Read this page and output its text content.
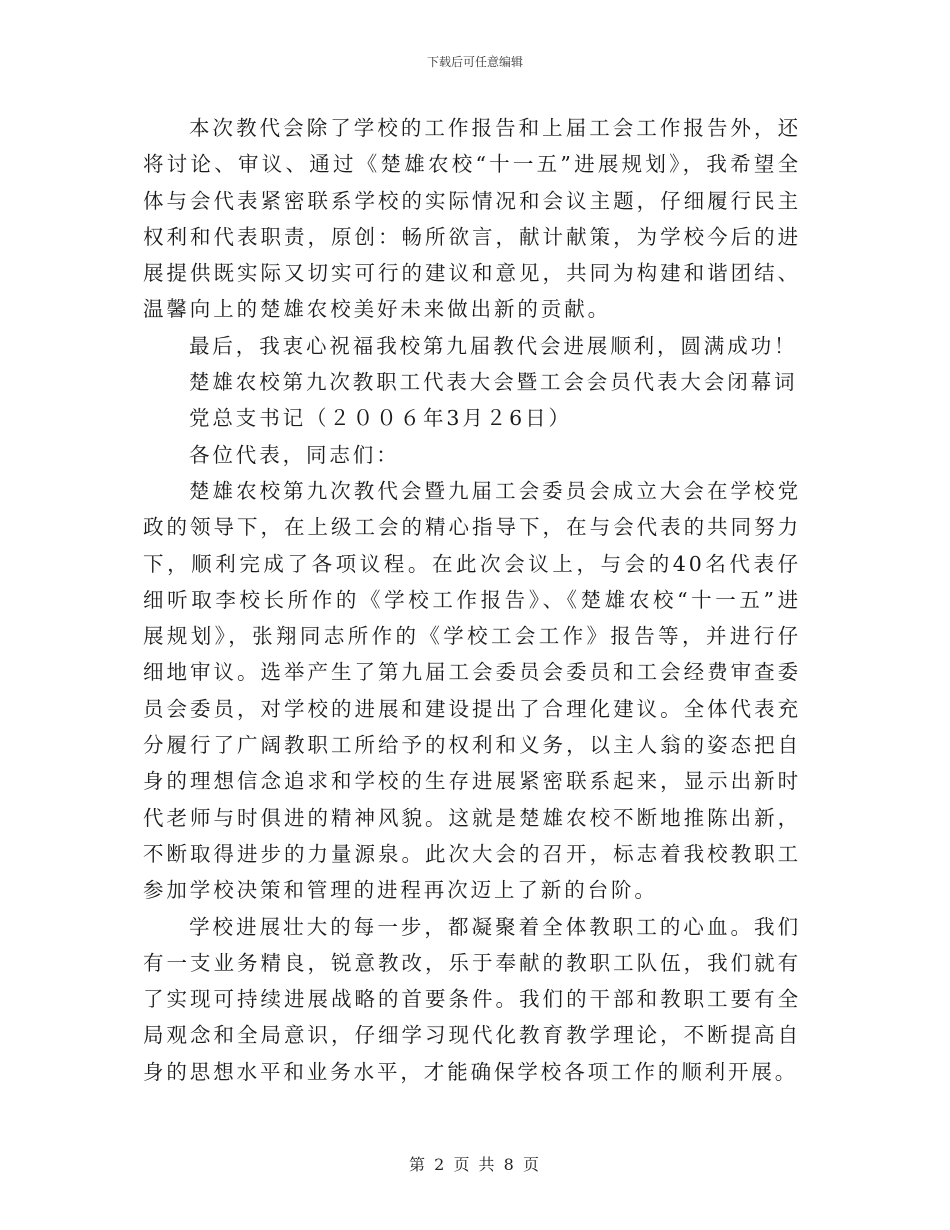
下载后可任意编辑

本次教代会除了学校的工作报告和上届工会工作报告外，还将讨论、审议、通过《楚雄农校“十一五”进展规划》，我希望全体与会代表紧密联系学校的实际情况和会议主题，仔细履行民主权利和代表职责，原创：畅所欲言，献计献策，为学校今后的进展提供既实际又切实可行的建议和意见，共同为构建和谐团结、温馨向上的楚雄农校美好未来做出新的贡献。

最后，我衷心祝福我校第九届教代会进展顺利，圆满成功！

楚雄农校第九次教职工代表大会暨工会会员代表大会闭幕词

党总支书记（２００６年3月２6日）

各位代表，同志们：

楚雄农校第九次教代会暨九届工会委员会成立大会在学校党政的领导下，在上级工会的精心指导下，在与会代表的共同努力下，顺利完成了各项议程。在此次会议上，与会的40名代表仔细听取李校长所作的《学校工作报告》、《楚雄农校“十一五”进展规划》，张翔同志所作的《学校工会工作》报告等，并进行仔细地审议。选举产生了第九届工会委员会委员和工会经费审查委员会委员，对学校的进展和建设提出了合理化建议。全体代表充分履行了广阔教职工所给予的权利和义务，以主人翁的姿态把自身的理想信念追求和学校的生存进展紧密联系起来，显示出新时代老师与时俱进的精神风貌。这就是楚雄农校不断地推陈出新，不断取得进步的力量源泉。此次大会的召开，标志着我校教职工参加学校决策和管理的进程再次迈上了新的台阶。

学校进展壮大的每一步，都凝聚着全体教职工的心血。我们有一支业务精良，锐意教改，乐于奉献的教职工队伍，我们就有了实现可持续进展战略的首要条件。我们的干部和教职工要有全局观念和全局意识，仔细学习现代化教育教学理论，不断提高自身的思想水平和业务水平，才能确保学校各项工作的顺利开展。

第 2 页 共 8 页
